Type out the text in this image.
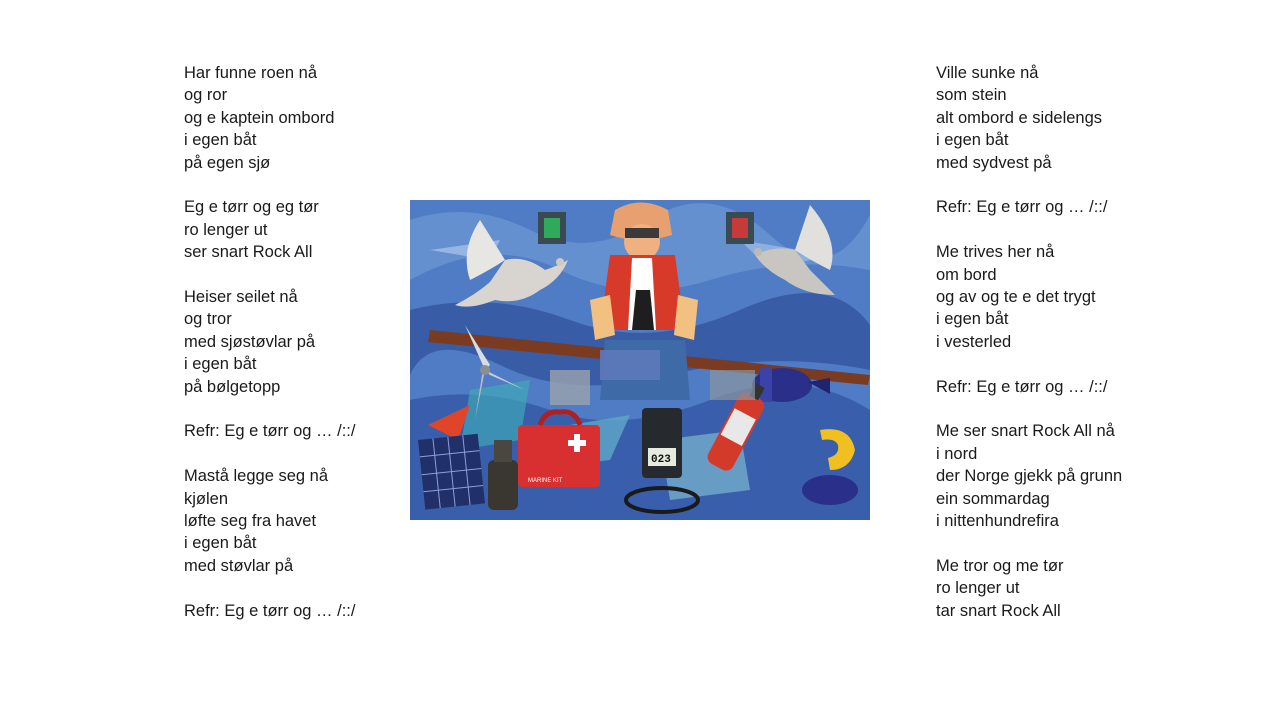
Har funne roen nå
og ror
og e kaptein ombord
i egen båt
på egen sjø
Eg e tørr og eg tør
ro lenger ut
ser snart Rock All
Heiser seilet nå
og tror
med sjøstøvlar på
i egen båt
på bølgetopp
Refr: Eg e tørr og … /::/
Mastå legge seg nå
kjølen
løfte seg fra havet
i egen båt
med støvlar på
Refr: Eg e tørr og … /::/
MARINE KIT
023
Ville sunke nå
som stein
alt ombord e sidelengs
i egen båt
med sydvest på
Refr: Eg e tørr og … /::/
Me trives her nå
om bord
og av og te e det trygt
i egen båt
i vesterled
Refr: Eg e tørr og … /::/
Me ser snart Rock All nå
i nord
der Norge gjekk på grunn
ein sommardag
i nittenhundrefira
Me tror og me tør
ro lenger ut
tar snart Rock All
